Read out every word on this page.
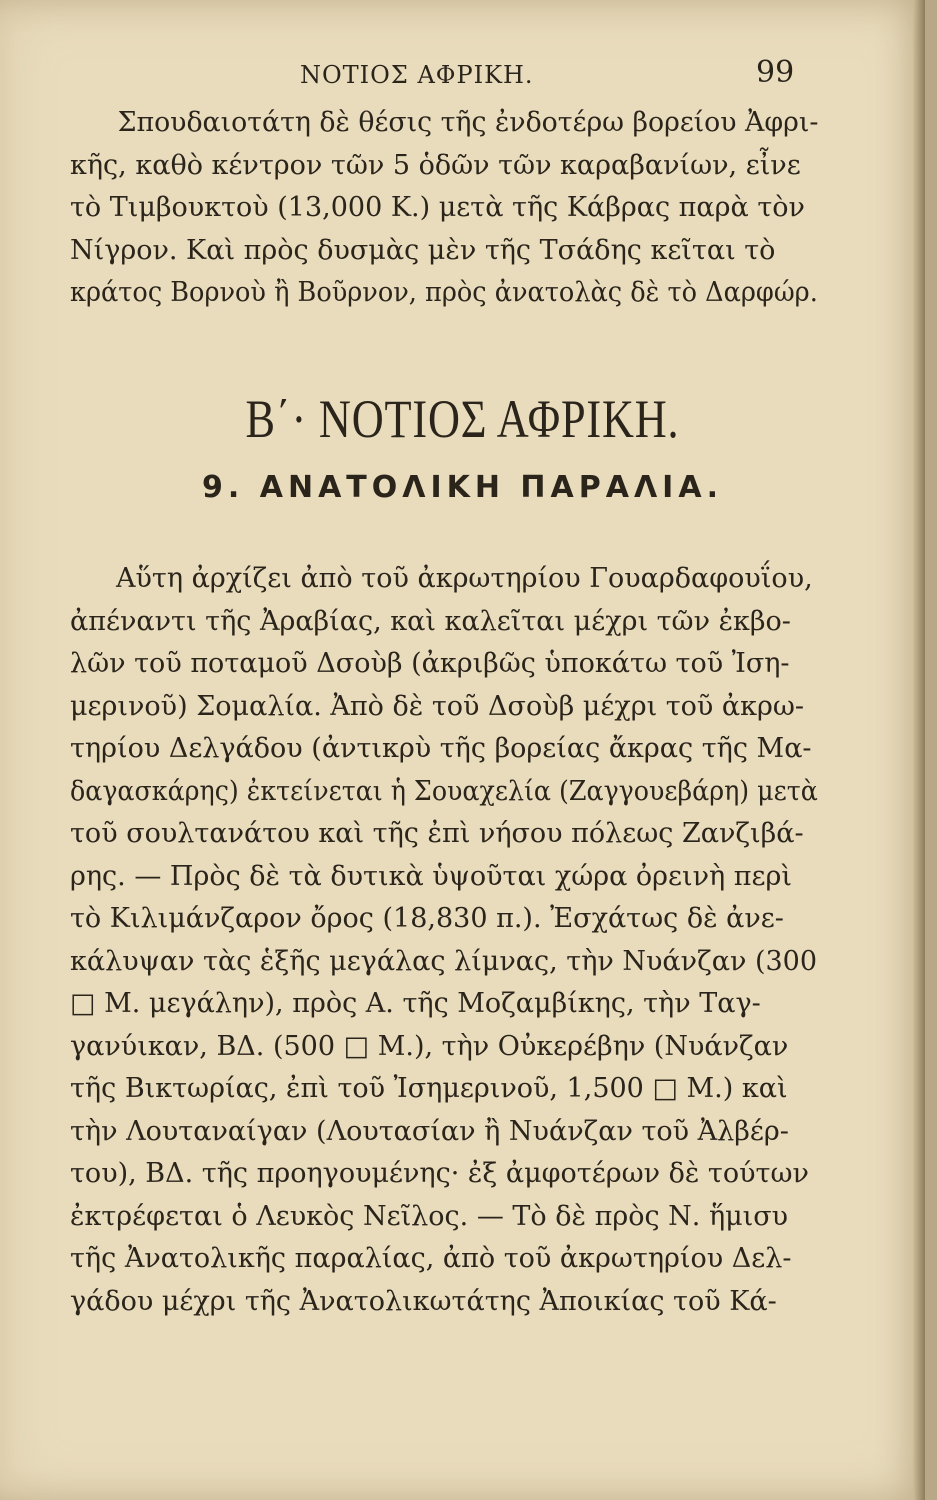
ΝΟΤΙΟΣ ΑΦΡΙΚΗ.	99
Σπουδαιοτάτη δὲ θέσις τῆς ἐνδοτέρω βορείου Ἀφρι-
κῆς, καθὸ κέντρον τῶν 5 ὁδῶν τῶν καραβανίων, εἶνε
τὸ Τιμβουκτοὺ (13,000 Κ.) μετὰ τῆς Κάβρας παρὰ τὸν
Νίγρον. Καὶ πρὸς δυσμὰς μὲν τῆς Τσάδης κεῖται τὸ
κράτος Βορνοὺ ἢ Βοῦρνον, πρὸς ἀνατολὰς δὲ τὸ Δαρφώρ.
Β΄· ΝΟΤΙΟΣ ΑΦΡΙΚΗ.
9. ΑΝΑΤΟΛΙΚΗ ΠΑΡΑΛΙΑ.
Αὕτη ἀρχίζει ἀπὸ τοῦ ἀκρωτηρίου Γουαρδαφουΐου,
ἀπέναντι τῆς Ἀραβίας, καὶ καλεῖται μέχρι τῶν ἐκβο-
λῶν τοῦ ποταμοῦ Δσοὺβ (ἀκριβῶς ὑποκάτω τοῦ Ἰση-
μερινοῦ) Σομαλία. Ἀπὸ δὲ τοῦ Δσοὺβ μέχρι τοῦ ἀκρω-
τηρίου Δελγάδου (ἀντικρὺ τῆς βορείας ἄκρας τῆς Μα-
δαγασκάρης) ἐκτείνεται ἡ Σουαχελία (Ζαγγουεβάρη) μετὰ
τοῦ σουλτανάτου καὶ τῆς ἐπὶ νήσου πόλεως Ζανζιβά-
ρης. — Πρὸς δὲ τὰ δυτικὰ ὑψοῦται χώρα ὀρεινὴ περὶ
τὸ Κιλιμάνζαρον ὄρος (18,830 π.). Ἐσχάτως δὲ ἀνε-
κάλυψαν τὰς ἑξῆς μεγάλας λίμνας, τὴν Νυάνζαν (300
□ Μ. μεγάλην), πρὸς Α. τῆς Μοζαμβίκης, τὴν Ταγ-
γανύικαν, ΒΔ. (500 □ Μ.), τὴν Οὐκερέβην (Νυάνζαν
τῆς Βικτωρίας, ἐπὶ τοῦ Ἰσημερινοῦ, 1,500 □ Μ.) καὶ
τὴν Λουταναίγαν (Λουτασίαν ἢ Νυάνζαν τοῦ Ἀλβέρ-
του), ΒΔ. τῆς προηγουμένης· ἐξ ἀμφοτέρων δὲ τούτων
ἐκτρέφεται ὁ Λευκὸς Νεῖλος. — Τὸ δὲ πρὸς Ν. ἥμισυ
τῆς Ἀνατολικῆς παραλίας, ἀπὸ τοῦ ἀκρωτηρίου Δελ-
γάδου μέχρι τῆς Ἀνατολικωτάτης Ἀποικίας τοῦ Κά-
